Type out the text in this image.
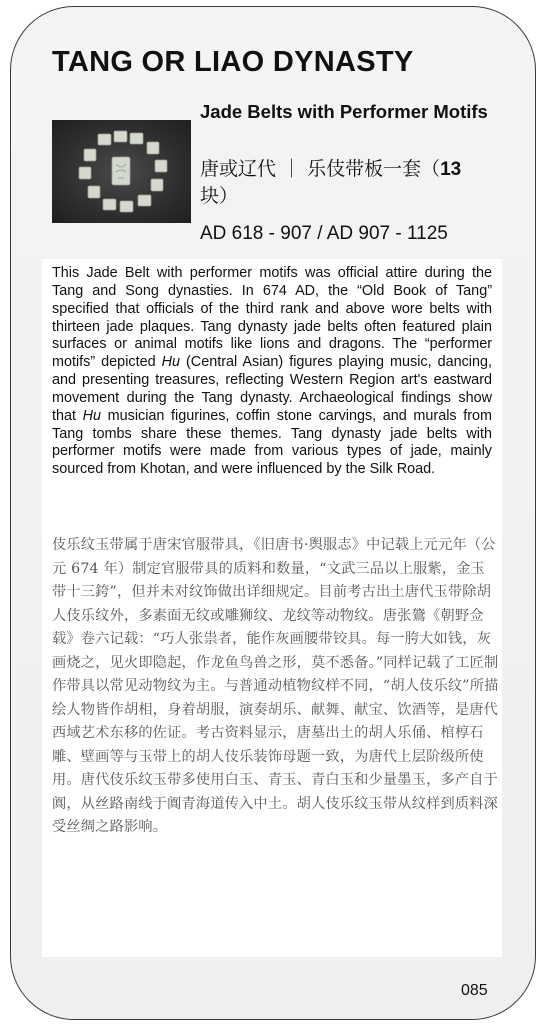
TANG OR LIAO DYNASTY
Jade Belts with Performer Motifs
唐或辽代 ｜ 乐伎带板一套（13
块）
AD 618 - 907 / AD 907 - 1125
This Jade Belt with performer motifs was official attire during the Tang and Song dynasties. In 674 AD, the “Old Book of Tang” specified that officials of the third rank and above wore belts with thirteen jade plaques. Tang dynasty jade belts often featured plain surfaces or animal motifs like lions and dragons. The “performer motifs” depicted Hu (Central Asian) figures playing music, dancing, and presenting treasures, reflecting Western Region art's eastward movement during the Tang dynasty. Archaeological findings show that Hu musician figurines, coffin stone carvings, and murals from Tang tombs share these themes. Tang dynasty jade belts with performer motifs were made from various types of jade, mainly sourced from Khotan, and were influenced by the Silk Road.
伎乐纹玉带属于唐宋官服带具，《旧唐书·舆服志》中记载上元元年（公元 674 年）制定官服带具的质料和数量，“文武三品以上服紫，金玉带十三銙”，但并未对纹饰做出详细规定。目前考古出土唐代玉带除胡人伎乐纹外，多素面无纹或雕狮纹、龙纹等动物纹。唐张鷟《朝野佥载》卷六记载：“巧人张祟者，能作灰画腰带铰具。每一胯大如钱，灰画烧之，见火即隐起，作龙鱼鸟兽之形，莫不悉备。”同样记载了工匠制作带具以常见动物纹为主。与普通动植物纹样不同，“胡人伎乐纹”所描绘人物皆作胡相，身着胡服，演奏胡乐、献舞、献宝、饮酒等，是唐代西域艺术东移的佐证。考古资料显示，唐墓出土的胡人乐俑、棺椁石雕、壁画等与玉带上的胡人伎乐装饰母题一致，为唐代上层阶级所使用。唐代伎乐纹玉带多使用白玉、青玉、青白玉和少量墨玉，多产自于阗，从丝路南线于阗青海道传入中土。胡人伎乐纹玉带从纹样到质料深受丝绸之路影响。
085
